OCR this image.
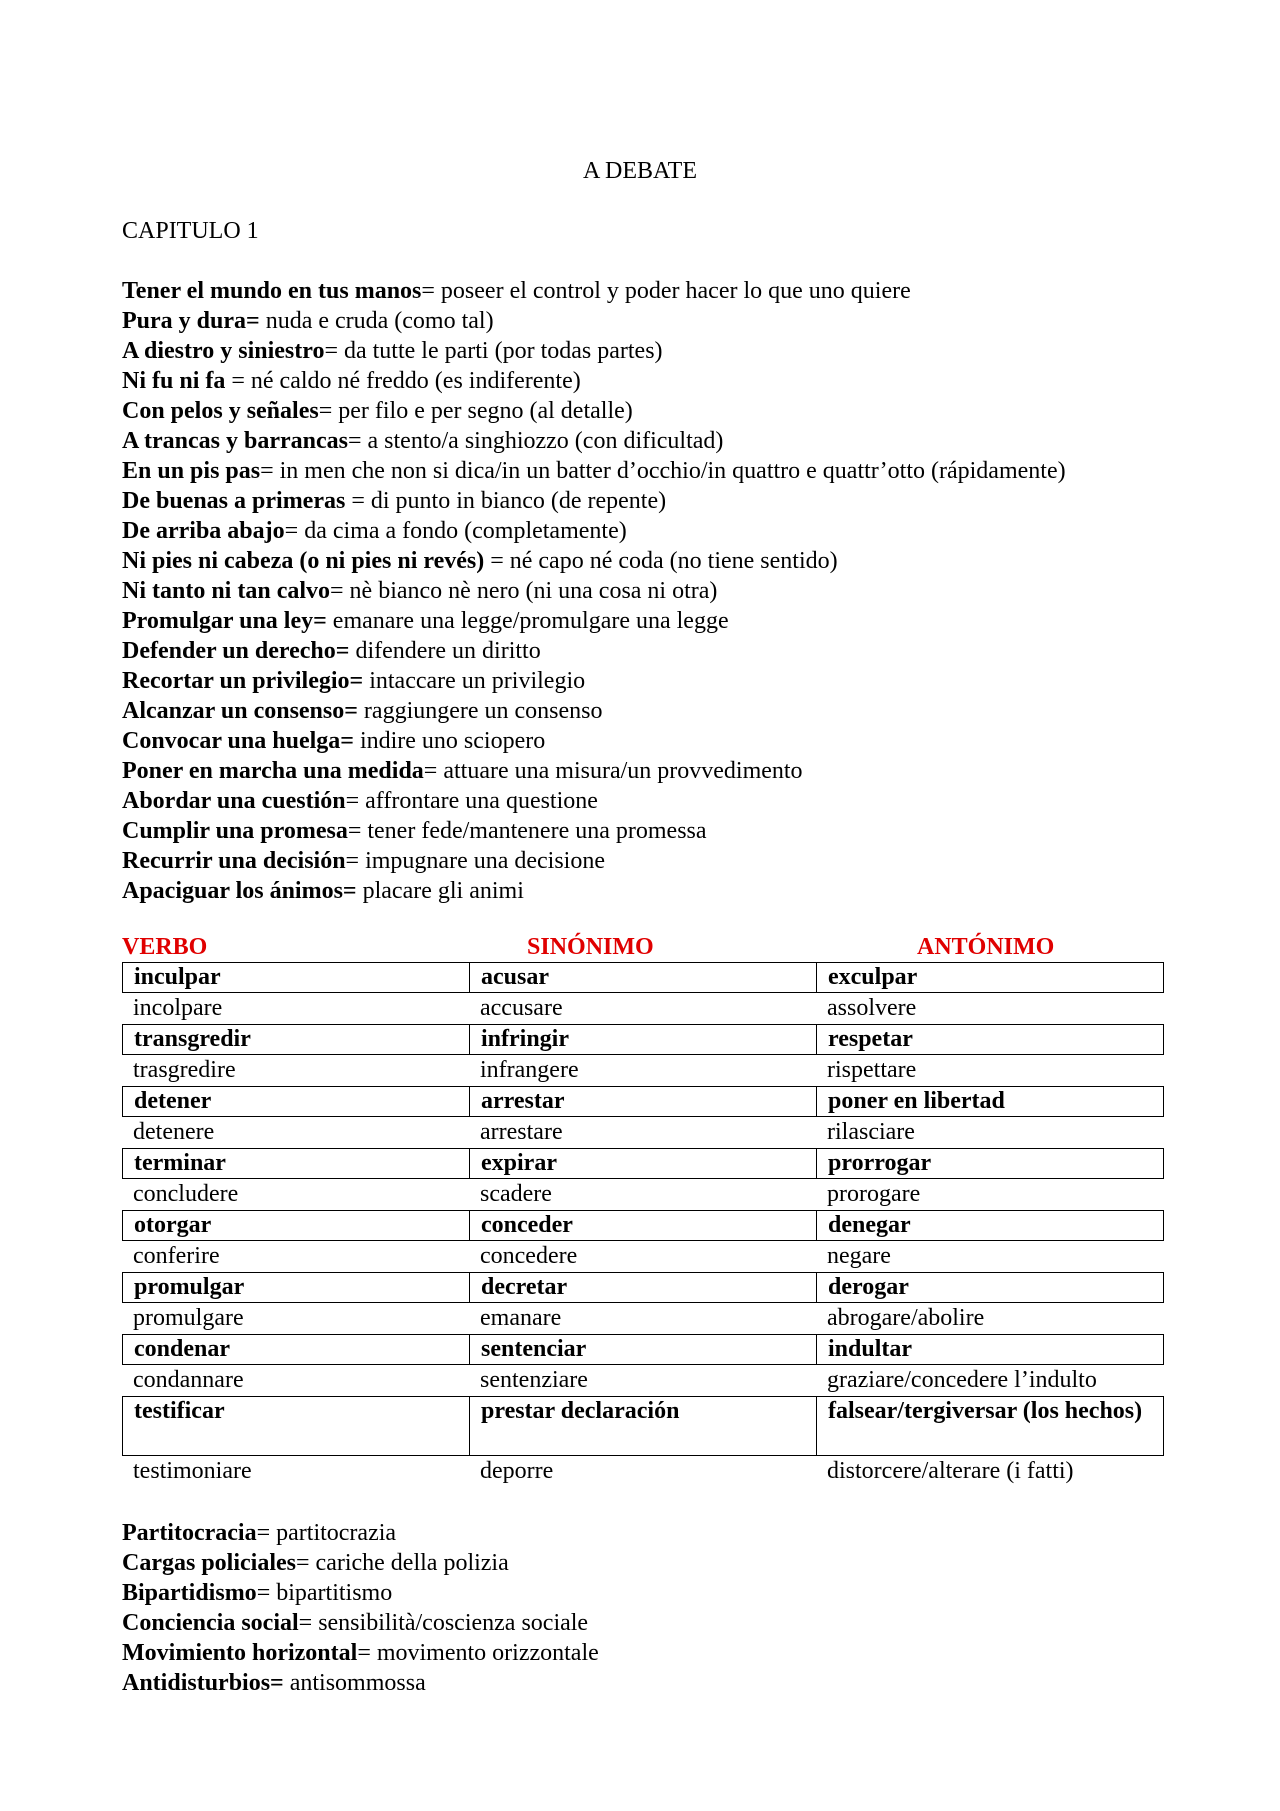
A DEBATE
CAPITULO 1
Tener el mundo en tus manos= poseer el control y poder hacer lo que uno quiere
Pura y dura= nuda e cruda (como tal)
A diestro y siniestro= da tutte le parti (por todas partes)
Ni fu ni fa = né caldo né freddo (es indiferente)
Con pelos y señales= per filo e per segno (al detalle)
A trancas y barrancas= a stento/a singhiozzo (con dificultad)
En un pis pas= in men che non si dica/in un batter d’occhio/in quattro e quattr’otto (rápidamente)
De buenas a primeras = di punto in bianco (de repente)
De arriba abajo= da cima a fondo (completamente)
Ni pies ni cabeza (o ni pies ni revés) = né capo né coda (no tiene sentido)
Ni tanto ni tan calvo= nè bianco nè nero (ni una cosa ni otra)
Promulgar una ley= emanare una legge/promulgare una legge
Defender un derecho= difendere un diritto
Recortar un privilegio= intaccare un privilegio
Alcanzar un consenso= raggiungere un consenso
Convocar una huelga= indire uno sciopero
Poner en marcha una medida= attuare una misura/un provvedimento
Abordar una cuestión= affrontare una questione
Cumplir una promesa= tener fede/mantenere una promessa
Recurrir una decisión= impugnare una decisione
Apaciguar los ánimos= placare gli animi
VERBO	SINÓNIMO	ANTÓNIMO
inculpar	acusar	exculpar
incolpare	accusare	assolvere
transgredir	infringir	respetar
trasgredire	infrangere	rispettare
detener	arrestar	poner en libertad
detenere	arrestare	rilasciare
terminar	expirar	prorrogar
concludere	scadere	prorogare
otorgar	conceder	denegar
conferire	concedere	negare
promulgar	decretar	derogar
promulgare	emanare	abrogare/abolire
condenar	sentenciar	indultar
condannare	sentenziare	graziare/concedere l’indulto
testificar	prestar declaración	falsear/tergiversar (los hechos)
testimoniare	deporre	distorcere/alterare (i fatti)
Partitocracia= partitocrazia
Cargas policiales= cariche della polizia
Bipartidismo= bipartitismo
Conciencia social= sensibilità/coscienza sociale
Movimiento horizontal= movimento orizzontale
Antidisturbios= antisommossa
